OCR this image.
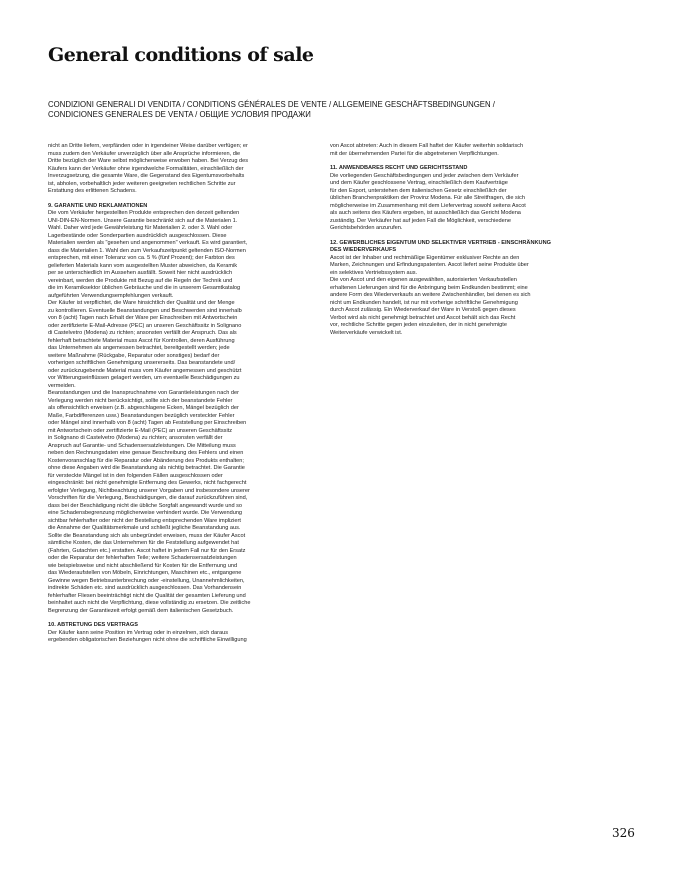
General conditions of sale
CONDIZIONI GENERALI DI VENDITA / CONDITIONS GÉNÉRALES DE VENTE / ALLGEMEINE GESCHÄFTSBEDINGUNGEN /
CONDICIONES GENERALES DE VENTA / ОБЩИЕ УСЛОВИЯ ПРОДАЖИ

nicht an Dritte liefern, verpfänden oder in irgendeiner Weise darüber verfügen; er
muss zudem den Verkäufer unverzüglich über alle Ansprüche informieren, die
Dritte bezüglich der Ware selbst möglicherweise erwoben haben. Bei Verzug des
Käufers kann der Verkäufer ohne irgendwelche Formalitäten, einschließlich der
Inverzugsetzung, die gesamte Ware, die Gegenstand des Eigentumsvorbehalts
ist, abholen, vorbehaltlich jeder weiteren geeigneten rechtlichen Schritte zur
Erstattung des erlittenen Schadens.

9. GARANTIE UND REKLAMATIONEN
Die vom Verkäufer hergestellten Produkte entsprechen den derzeit geltenden
UNI-DIN-EN-Normen. Unsere Garantie beschränkt sich auf die Materialen 1.
Wahl. Daher wird jede Gewährleistung für Materialien 2. oder 3. Wahl oder
Lagerbestände oder Sonderpartien ausdrücklich ausgeschlossen. Diese
Materialien werden als "gesehen und angenommen" verkauft. Es wird garantiert,
dass die Materialien 1. Wahl den zum Verkaufszeitpunkt geltenden ISO-Normen
entsprechen, mit einer Toleranz von ca. 5 % (fünf Prozent); der Farbton des
gelieferten Materials kann vom ausgestellten Muster abweichen, da Keramik
per se unterschiedlich im Aussehen ausfällt. Soweit hier nicht ausdrücklich
vereinbart, werden die Produkte mit Bezug auf die Regeln der Technik und
die im Keramiksektor üblichen Gebräuche und die in unserem Gesamtkatalog
aufgeführten Verwendungsempfehlungen verkauft.
Der Käufer ist verpflichtet, die Ware hinsichtlich der Qualität und der Menge
zu kontrollieren. Eventuelle Beanstandungen und Beschwerden sind innerhalb
von 8 (acht) Tagen nach Erhalt der Ware per Einschreiben mit Antwortschein
oder zertifizierte E-Mail-Adresse (PEC) an unseren Geschäftssitz in Solignano
di Castelvetro (Modena) zu richten; ansonsten verfällt der Anspruch. Das als
fehlerhaft betrachtete Material muss Ascot für Kontrollen, deren Ausführung
das Unternehmen als angemessen betrachtet, bereitgestellt werden; jede
weitere Maßnahme (Rückgabe, Reparatur oder sonstiges) bedarf der
vorherigen schriftlichen Genehmigung unsererseits. Das beanstandete und/
oder zurückzugebende Material muss vom Käufer angemessen und geschützt
vor Witterungseinflüssen gelagert werden, um eventuelle Beschädigungen zu
vermeiden.
Beanstandungen und die Inanspruchnahme von Garantieleistungen nach der
Verlegung werden nicht berücksichtigt, sollte sich der beanstandete Fehler
als offensichtlich erweisen (z.B. abgeschlagene Ecken, Mängel bezüglich der
Maße, Farbdifferenzen usw.) Beanstandungen bezüglich versteckter Fehler
oder Mängel sind innerhalb von 8 (acht) Tagen ab Feststellung per Einschreiben
mit Antwortschein oder zertifizierte E-Mail (PEC) an unseren Geschäftssitz
in Solignano di Castelvetro (Modena) zu richten; ansonsten verfällt der
Anspruch auf Garantie- und Schadensersatzleistungen. Die Mitteilung muss
neben den Rechnungsdaten eine genaue Beschreibung des Fehlers und einen
Kostenvoranschlag für die Reparatur oder Abänderung des Produkts enthalten;
ohne diese Angaben wird die Beanstandung als nichtig betrachtet. Die Garantie
für versteckte Mängel ist in den folgenden Fällen ausgeschlossen oder
eingeschränkt: bei nicht genehmigte Entfernung des Gewerks, nicht fachgerecht
erfolgter Verlegung, Nichtbeachtung unserer Vorgaben und insbesondere unserer
Vorschriften für die Verlegung, Beschädigungen, die darauf zurückzuführen sind,
dass bei der Beschädigung nicht die übliche Sorgfalt angewandt wurde und so
eine Schadensbegrenzung möglicherweise verhindert wurde. Die Verwendung
sichtbar fehlerhafter oder nicht der Bestellung entsprechenden Ware impliziert
die Annahme der Qualitätsmerkmale und schließt jegliche Beanstandung aus.
Sollte die Beanstandung sich als unbegründet erweisen, muss der Käufer Ascot
sämtliche Kosten, die das Unternehmen für die Feststellung aufgewendet hat
(Fahrten, Gutachten etc.) erstatten. Ascot haftet in jedem Fall nur für den Ersatz
oder die Reparatur der fehlerhaften Teile; weitere Schadensersatzleistungen
wie beispielsweise und nicht abschließend für Kosten für die Entfernung und
das Wiederaufstellen von Möbeln, Einrichtungen, Maschinen etc., entgangene
Gewinne wegen Betriebsunterbrechung oder -einstellung, Unannehmlichkeiten,
indirekte Schäden etc. sind ausdrücklich ausgeschlossen. Das Vorhandensein
fehlerhafter Fliesen beeinträchtigt nicht die Qualität der gesamten Lieferung und
beinhaltet auch nicht die Verpflichtung, diese vollständig zu ersetzen. Die zeitliche
Begrenzung der Garantiezeit erfolgt gemäß dem italienischen Gesetzbuch.

10. ABTRETUNG DES VERTRAGS
Der Käufer kann seine Position im Vertrag oder in einzelnen, sich daraus
ergebenden obligatorischen Beziehungen nicht ohne die schriftliche Einwilligung

von Ascot abtreten: Auch in diesem Fall haftet der Käufer weiterhin solidarisch
mit der übernehmenden Partei für die abgetretenen Verpflichtungen.

11. ANWENDBARES RECHT UND GERICHTSSTAND
Die vorliegenden Geschäftsbedingungen und jeder zwischen dem Verkäufer
und dem Käufer geschlossene Vertrag, einschließlich dem Kaufverträge
für den Export, unterstehen dem italienischen Gesetz einschließlich der
üblichen Branchenpraktiken der Provinz Modena. Für alle Streitfragen, die sich
möglicherweise im Zusammenhang mit dem Liefervertrag sowohl seitens Ascot
als auch seitens des Käufers ergeben, ist ausschließlich das Gericht Modena
zuständig. Der Verkäufer hat auf jeden Fall die Möglichkeit, verschiedene
Gerichtsbehörden anzurufen.

12. GEWERBLICHES EIGENTUM UND SELEKTIVER VERTRIEB - EINSCHRÄNKUNG
DES WIEDERVERKAUFS
Ascot ist der Inhaber und rechtmäßige Eigentümer exklusiver Rechte an den
Marken, Zeichnungen und Erfindungspatenten. Ascot liefert seine Produkte über
ein selektives Vertriebssystem aus.
Die von Ascot und den eigenen ausgewählten, autorisierten Verkaufsstellen
erhaltenen Lieferungen sind für die Anbringung beim Endkunden bestimmt; eine
andere Form des Wiederverkaufs an weitere Zwischenhändler, bei denen es sich
nicht um Endkunden handelt, ist nur mit vorherige schriftliche Genehmigung
durch Ascot zulässig. Ein Wiederverkauf der Ware in Verstoß gegen dieses
Verbot wird als nicht genehmigt betrachtet und Ascot behält sich das Recht
vor, rechtliche Schritte gegen jeden einzuleiten, der in nicht genehmigte
Weiterverkäufe verwickelt ist.

326
